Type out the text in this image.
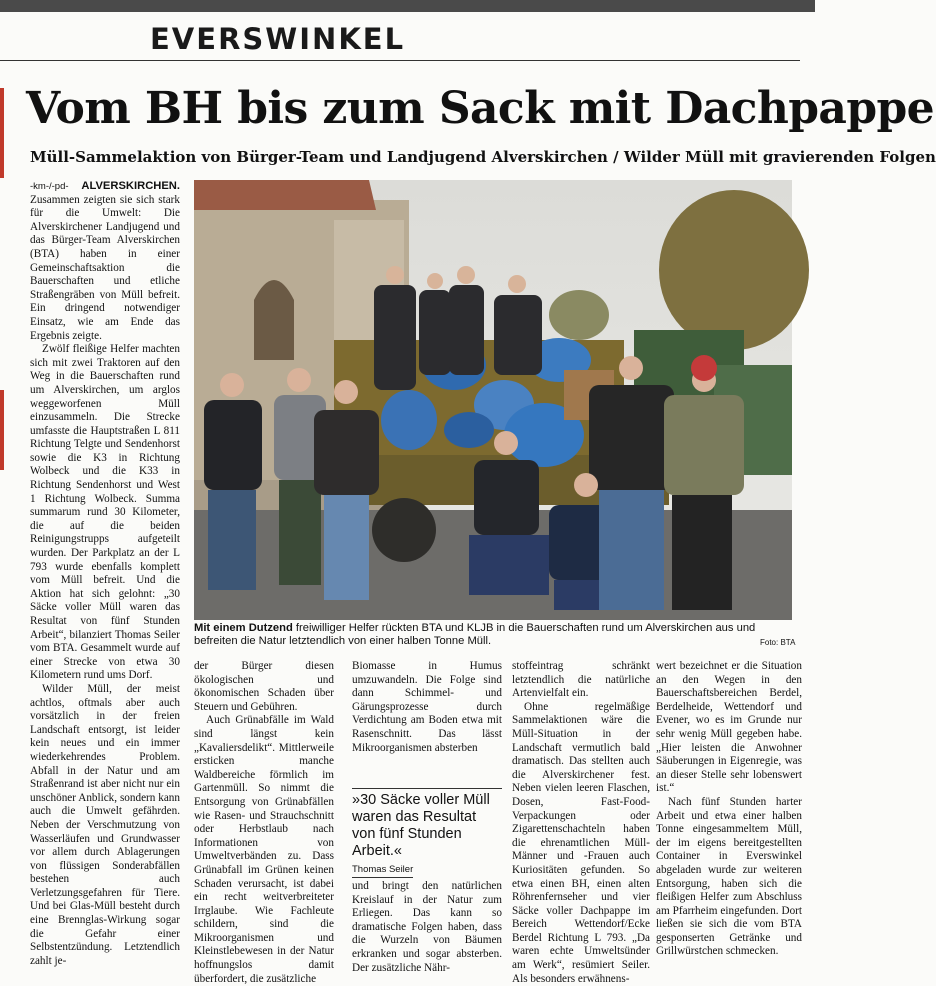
EVERSWINKEL
Vom BH bis zum Sack mit Dachpappe
Müll-Sammelaktion von Bürger-Team und Landjugend Alverskirchen / Wilder Müll mit gravierenden Folgen

-km-/-pd- ALVERSKIRCHEN. Zusammen zeigten sie sich stark für die Umwelt: Die Alverskirchener Landjugend und das Bürger-Team Alverskirchen (BTA) haben in einer Gemeinschaftsaktion die Bauerschaften und etliche Straßengräben von Müll befreit. Ein dringend notwendiger Einsatz, wie am Ende das Ergebnis zeigte.

Zwölf fleißige Helfer machten sich mit zwei Traktoren auf den Weg in die Bauerschaften rund um Alverskirchen, um arglos weggeworfenen Müll einzusammeln. Die Strecke umfasste die Hauptstraßen L 811 Richtung Telgte und Sendenhorst sowie die K3 in Richtung Wolbeck und die K33 in Richtung Sendenhorst und West 1 Richtung Wolbeck. Summa summarum rund 30 Kilometer, die auf die beiden Reinigungstrupps aufgeteilt wurden. Der Parkplatz an der L 793 wurde ebenfalls komplett vom Müll befreit. Und die Aktion hat sich gelohnt: „30 Säcke voller Müll waren das Resultat von fünf Stunden Arbeit“, bilanziert Thomas Seiler vom BTA. Gesammelt wurde auf einer Strecke von etwa 30 Kilometern rund ums Dorf.

Wilder Müll, der meist achtlos, oftmals aber auch vorsätzlich in der freien Landschaft entsorgt, ist leider kein neues und ein immer wiederkehrendes Problem. Abfall in der Natur und am Straßenrand ist aber nicht nur ein unschöner Anblick, sondern kann auch die Umwelt gefährden. Neben der Verschmutzung von Wasserläufen und Grundwasser vor allem durch Ablagerungen von flüssigen Sonderabfällen bestehen auch Verletzungsgefahren für Tiere. Und bei Glas-Müll besteht durch eine Brennglas-Wirkung sogar die Gefahr einer Selbstentzündung. Letztendlich zahlt je-

Mit einem Dutzend freiwilliger Helfer rückten BTA und KLJB in die Bauerschaften rund um Alverskirchen aus und befreiten die Natur letztendlich von einer halben Tonne Müll.	Foto: BTA

der Bürger diesen ökologischen und ökonomischen Schaden über Steuern und Gebühren.

Auch Grünabfälle im Wald sind längst kein „Kavaliersdelikt“. Mittlerweile ersticken manche Waldbereiche förmlich im Gartenmüll. So nimmt die Entsorgung von Grünabfällen wie Rasen- und Strauchschnitt oder Herbstlaub nach Informationen von Umweltverbänden zu. Dass Grünabfall im Grünen keinen Schaden verursacht, ist dabei ein recht weitverbreiteter Irrglaube. Wie Fachleute schildern, sind die Mikroorganismen und Kleinstlebewesen in der Natur hoffnungslos damit überfordert, die zusätzliche

Biomasse in Humus umzuwandeln. Die Folge sind dann Schimmel- und Gärungsprozesse durch Verdichtung am Boden etwa mit Rasenschnitt. Das lässt Mikroorganismen absterben

»30 Säcke voller Müll waren das Resultat von fünf Stunden Arbeit.«
Thomas Seiler

und bringt den natürlichen Kreislauf in der Natur zum Erliegen. Das kann so dramatische Folgen haben, dass die Wurzeln von Bäumen erkranken und sogar absterben. Der zusätzliche Nähr-

stoffeintrag schränkt letztendlich die natürliche Artenvielfalt ein.

Ohne regelmäßige Sammelaktionen wäre die Müll-Situation in der Landschaft vermutlich bald dramatisch. Das stellten auch die Alverskirchener fest. Neben vielen leeren Flaschen, Dosen, Fast-Food-Verpackungen oder Zigarettenschachteln haben die ehrenamtlichen Müll-Männer und -Frauen auch Kuriositäten gefunden. So etwa einen BH, einen alten Röhrenfernseher und vier Säcke voller Dachpappe im Bereich Wettendorf/Ecke Berdel Richtung L 793. „Da waren echte Umweltsünder am Werk“, resümiert Seiler. Als besonders erwähnens-

wert bezeichnet er die Situation an den Wegen in den Bauerschaftsbereichen Berdel, Berdelheide, Wettendorf und Evener, wo es im Grunde nur sehr wenig Müll gegeben habe. „Hier leisten die Anwohner Säuberungen in Eigenregie, was an dieser Stelle sehr lobenswert ist.“

Nach fünf Stunden harter Arbeit und etwa einer halben Tonne eingesammeltem Müll, der im eigens bereitgestellten Container in Everswinkel abgeladen wurde zur weiteren Entsorgung, haben sich die fleißigen Helfer zum Abschluss am Pfarrheim eingefunden. Dort ließen sie sich die vom BTA gesponserten Getränke und Grillwürstchen schmecken.
